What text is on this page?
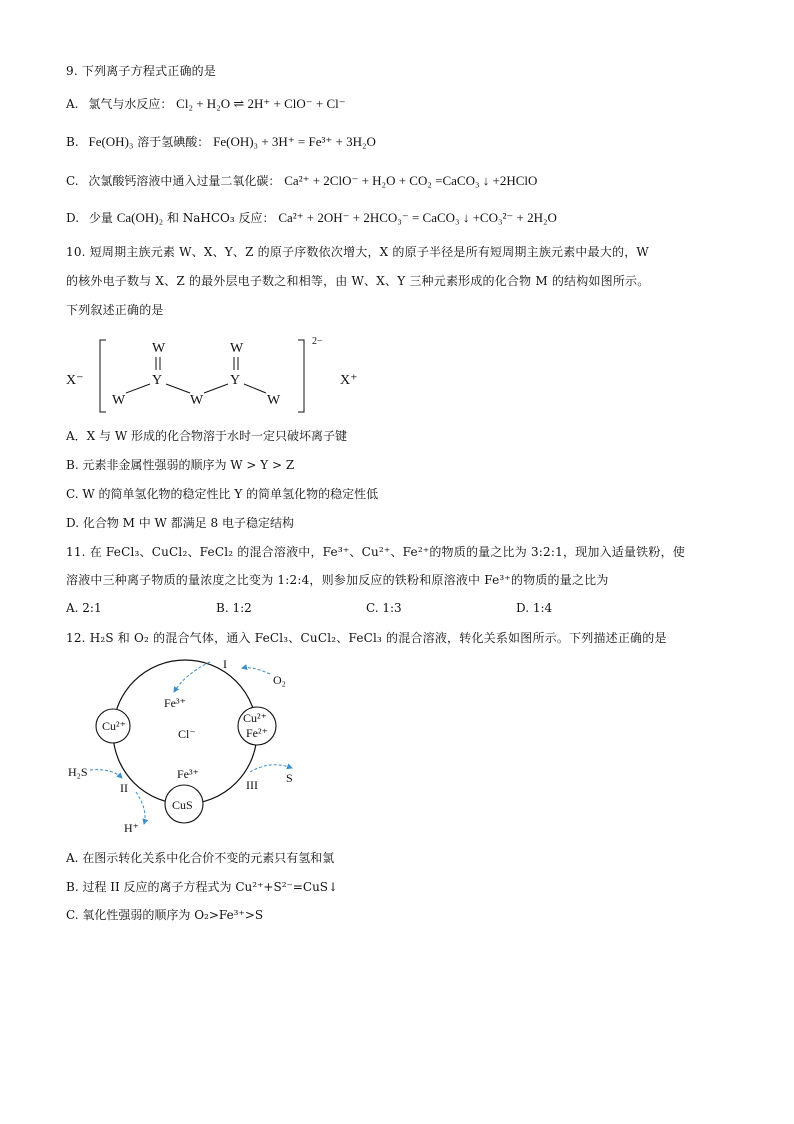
9. 下列离子方程式正确的是
A. 氯气与水反应： Cl₂ + H₂O ⇌ 2H⁺ + ClO⁻ + Cl⁻
B. Fe(OH)₃ 溶于氢碘酸： Fe(OH)₃ + 3H⁺ = Fe³⁺ + 3H₂O
C. 次氯酸钙溶液中通入过量二氧化碳： Ca²⁺ + 2ClO⁻ + H₂O + CO₂ =CaCO₃ ↓ +2HClO
D. 少量 Ca(OH)₂ 和 NaHCO₃ 反应： Ca²⁺ + 2OH⁻ + 2HCO₃⁻ = CaCO₃ ↓ +CO₃²⁻ + 2H₂O
10. 短周期主族元素 W、X、Y、Z 的原子序数依次增大，X 的原子半径是所有短周期主族元素中最大的，W
的核外电子数与 X、Z 的最外层电子数之和相等，由 W、X、Y 三种元素形成的化合物 M 的结构如图所示。
下列叙述正确的是
X⁻
2−
X⁺
W	W
Y	Y
W	W	W
A．X 与 W 形成的化合物溶于水时一定只破坏离子键
B. 元素非金属性强弱的顺序为 W > Y > Z
C. W 的简单氢化物的稳定性比 Y 的简单氢化物的稳定性低
D. 化合物 M 中 W 都满足 8 电子稳定结构
11. 在 FeCl₃、CuCl₂、FeCl₂ 的混合溶液中，Fe³⁺、Cu²⁺、Fe²⁺的物质的量之比为 3:2:1，现加入适量铁粉，使
溶液中三种离子物质的量浓度之比变为 1:2:4，则参加反应的铁粉和原溶液中 Fe³⁺的物质的量之比为
A. 2:1	B. 1:2	C. 1:3	D. 1:4
12. H₂S 和 O₂ 的混合气体，通入 FeCl₃、CuCl₂、FeCl₃ 的混合溶液，转化关系如图所示。下列描述正确的是
I
O₂
Fe³⁺
Cu²⁺
Cl⁻
Cu²⁺
Fe²⁺
Fe³⁺
H₂S
II	III S
CuS
H⁺
A. 在图示转化关系中化合价不变的元素只有氢和氯
B. 过程 II 反应的离子方程式为 Cu²⁺+S²⁻=CuS↓
C. 氧化性强弱的顺序为 O₂>Fe³⁺>S
